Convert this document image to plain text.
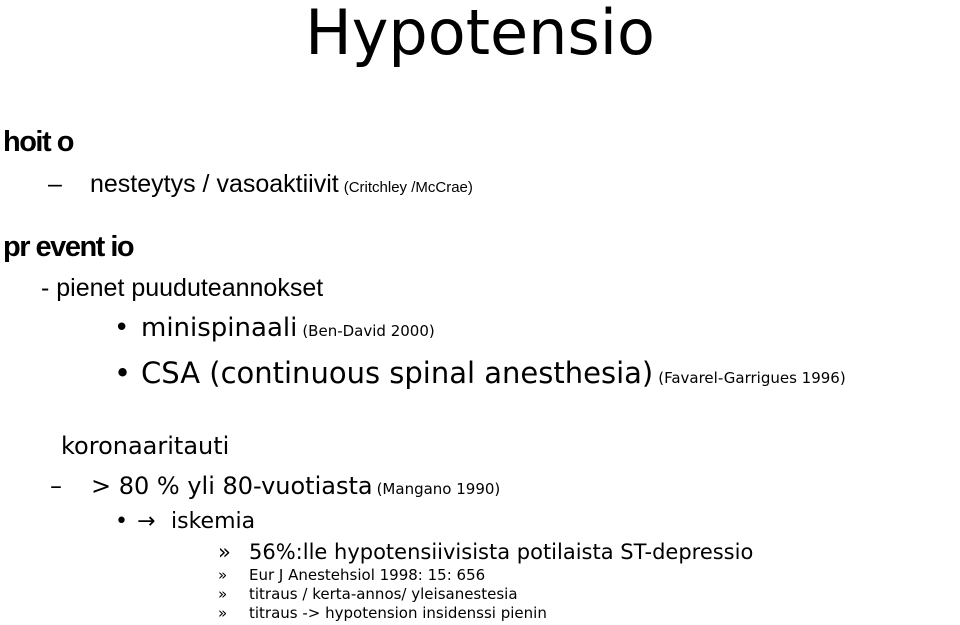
Hypotensio
hoit o
– nesteytys / vasoaktiivit (Critchley /McCrae)
pr event io
- pienet puuduteannokset
• minispinaali (Ben-David 2000)
• CSA (continuous spinal anesthesia) (Favarel-Garrigues 1996)
koronaaritauti
– > 80 % yli 80-vuotiasta (Mangano 1990)
• → iskemia
» 56%:lle hypotensiivisista potilaista ST-depressio
» Eur J Anestehsiol 1998: 15: 656
» titraus / kerta-annos/ yleisanestesia
» titraus -> hypotension insidenssi pienin
